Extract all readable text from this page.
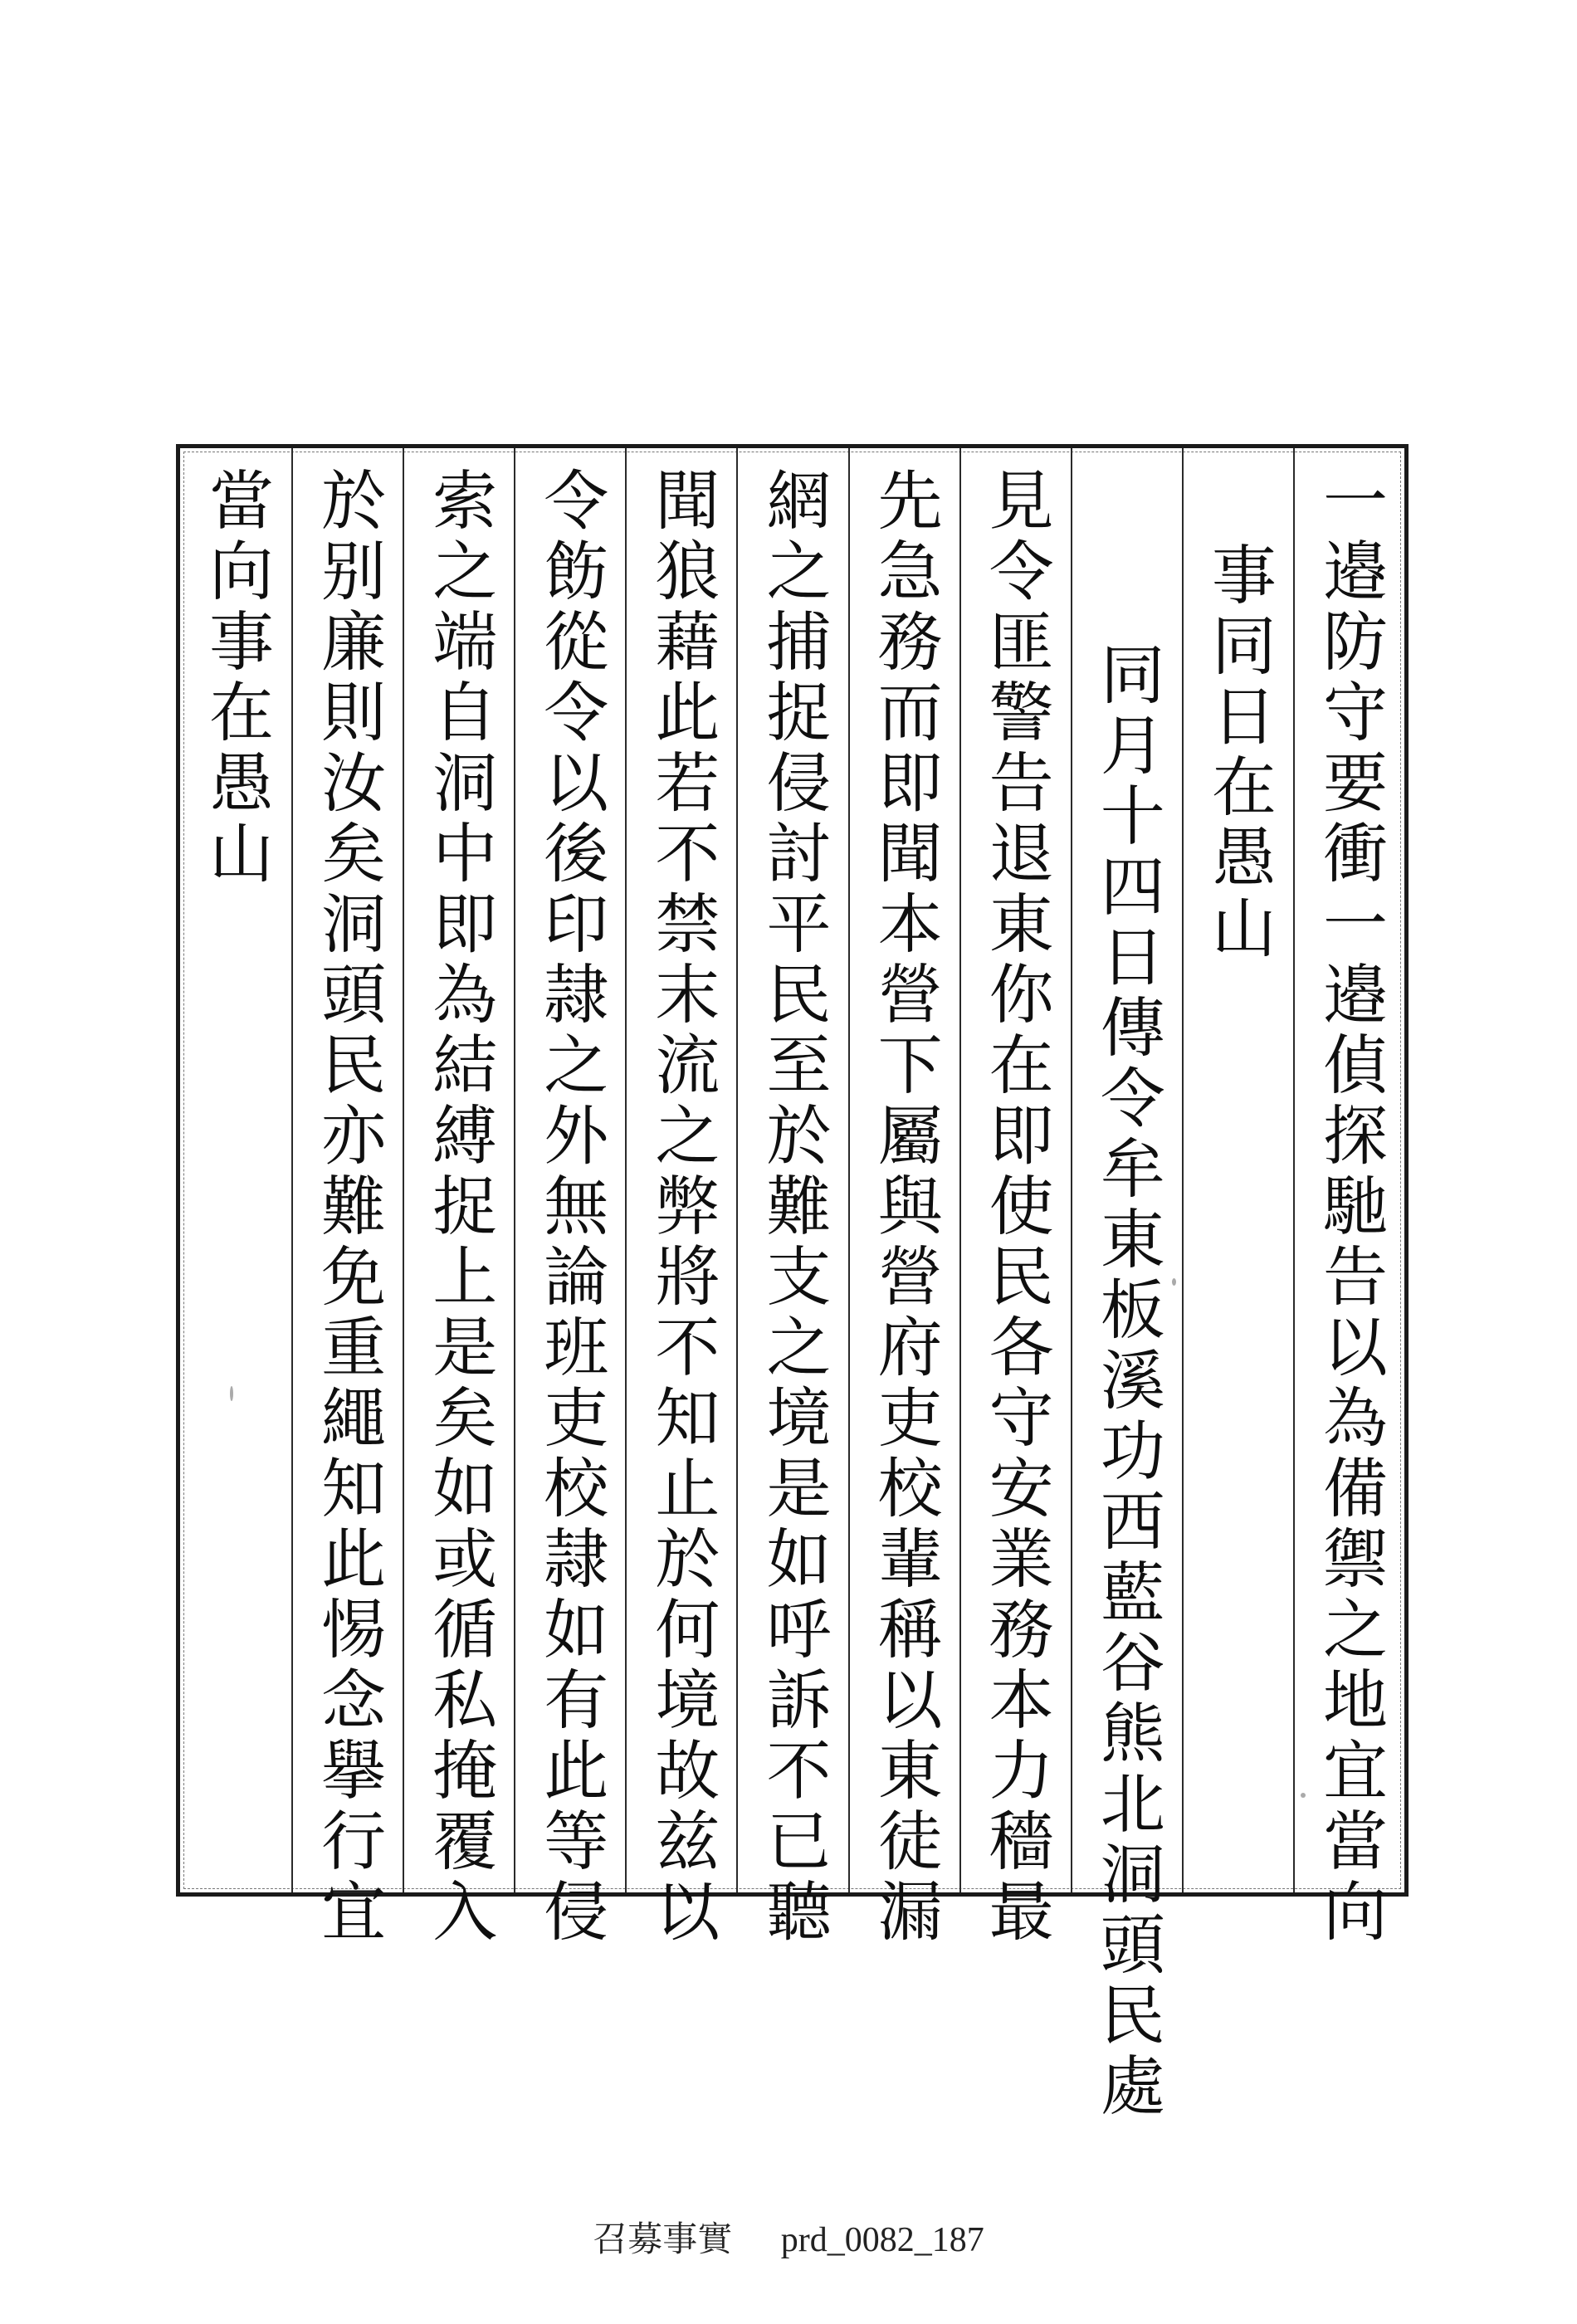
一邉防守要衝一邉偵探馳告以為備禦之地宜當向
事同日在愚山
同月十四日傳令牟東板溪功西藍谷熊北洞頭民處
見令匪警告退東你在即使民各守安業務本力穡最
先急務而即聞本營下屬與營府吏校輩稱以東徒漏
網之捕捉侵討平民至於難支之境是如呼訴不已聽
聞狼藉此若不禁末流之弊將不知止於何境故兹以
令飭從令以後印隷之外無論班吏校隷如有此等侵
索之端自洞中即為結縛捉上是矣如或循私掩覆入
於别廉則汝矣洞頭民亦難免重繩知此惕念擧行宜
當向事在愚山
召募事實 prd_0082_187
